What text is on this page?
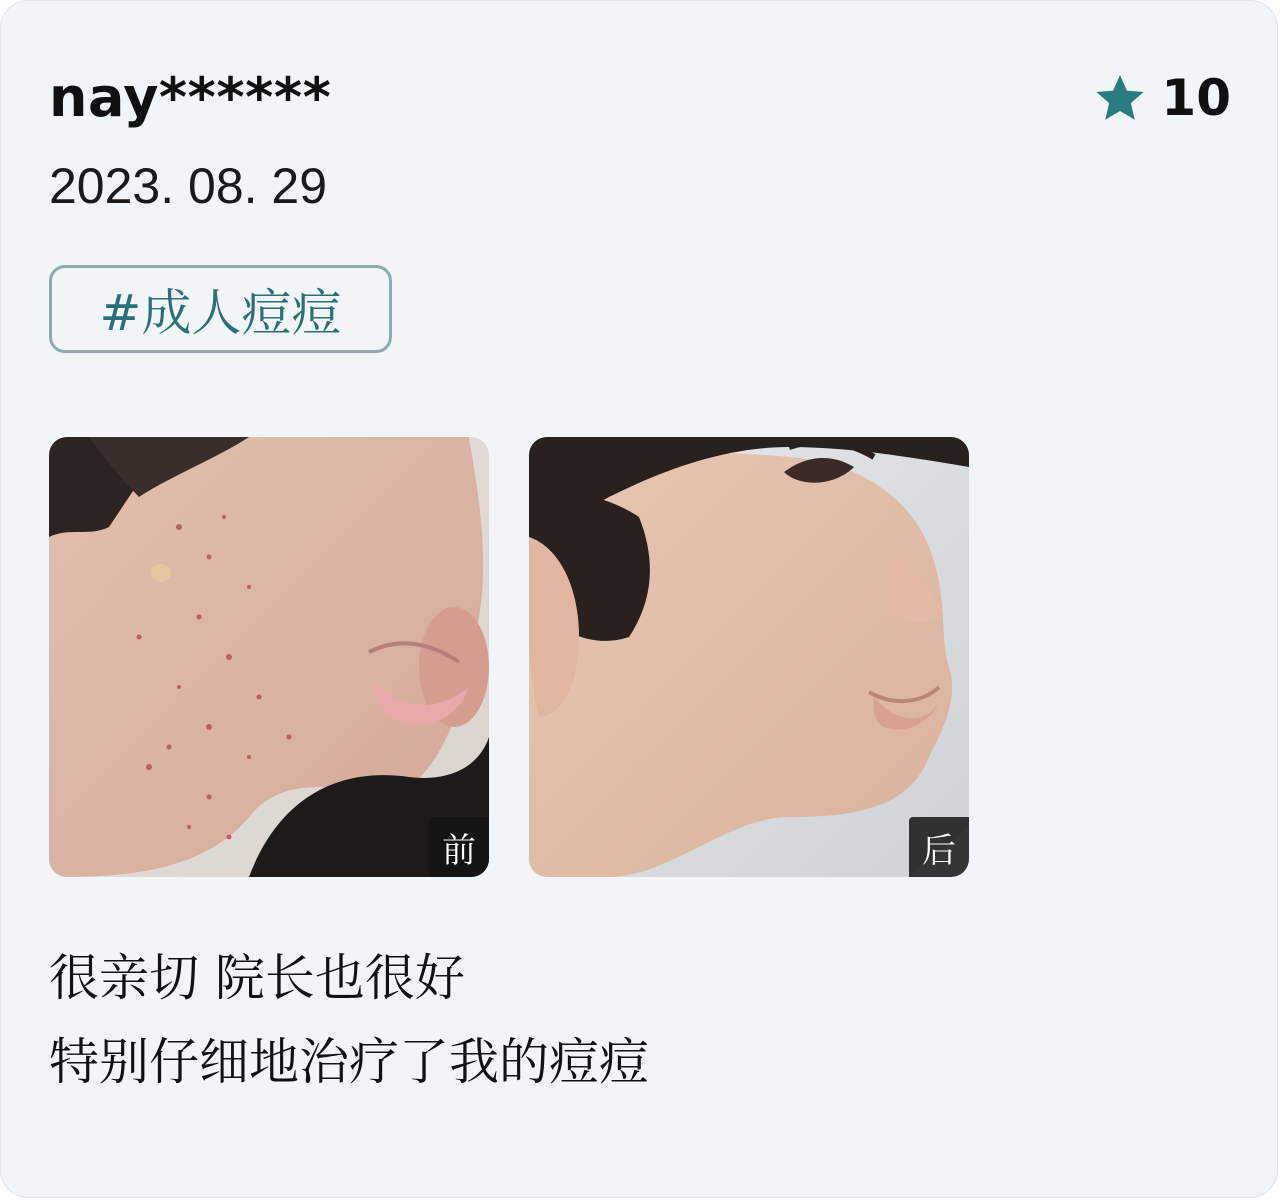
nay******
2023. 08. 29
10
#成人痘痘
前	后
很亲切 院长也很好
特别仔细地治疗了我的痘痘
